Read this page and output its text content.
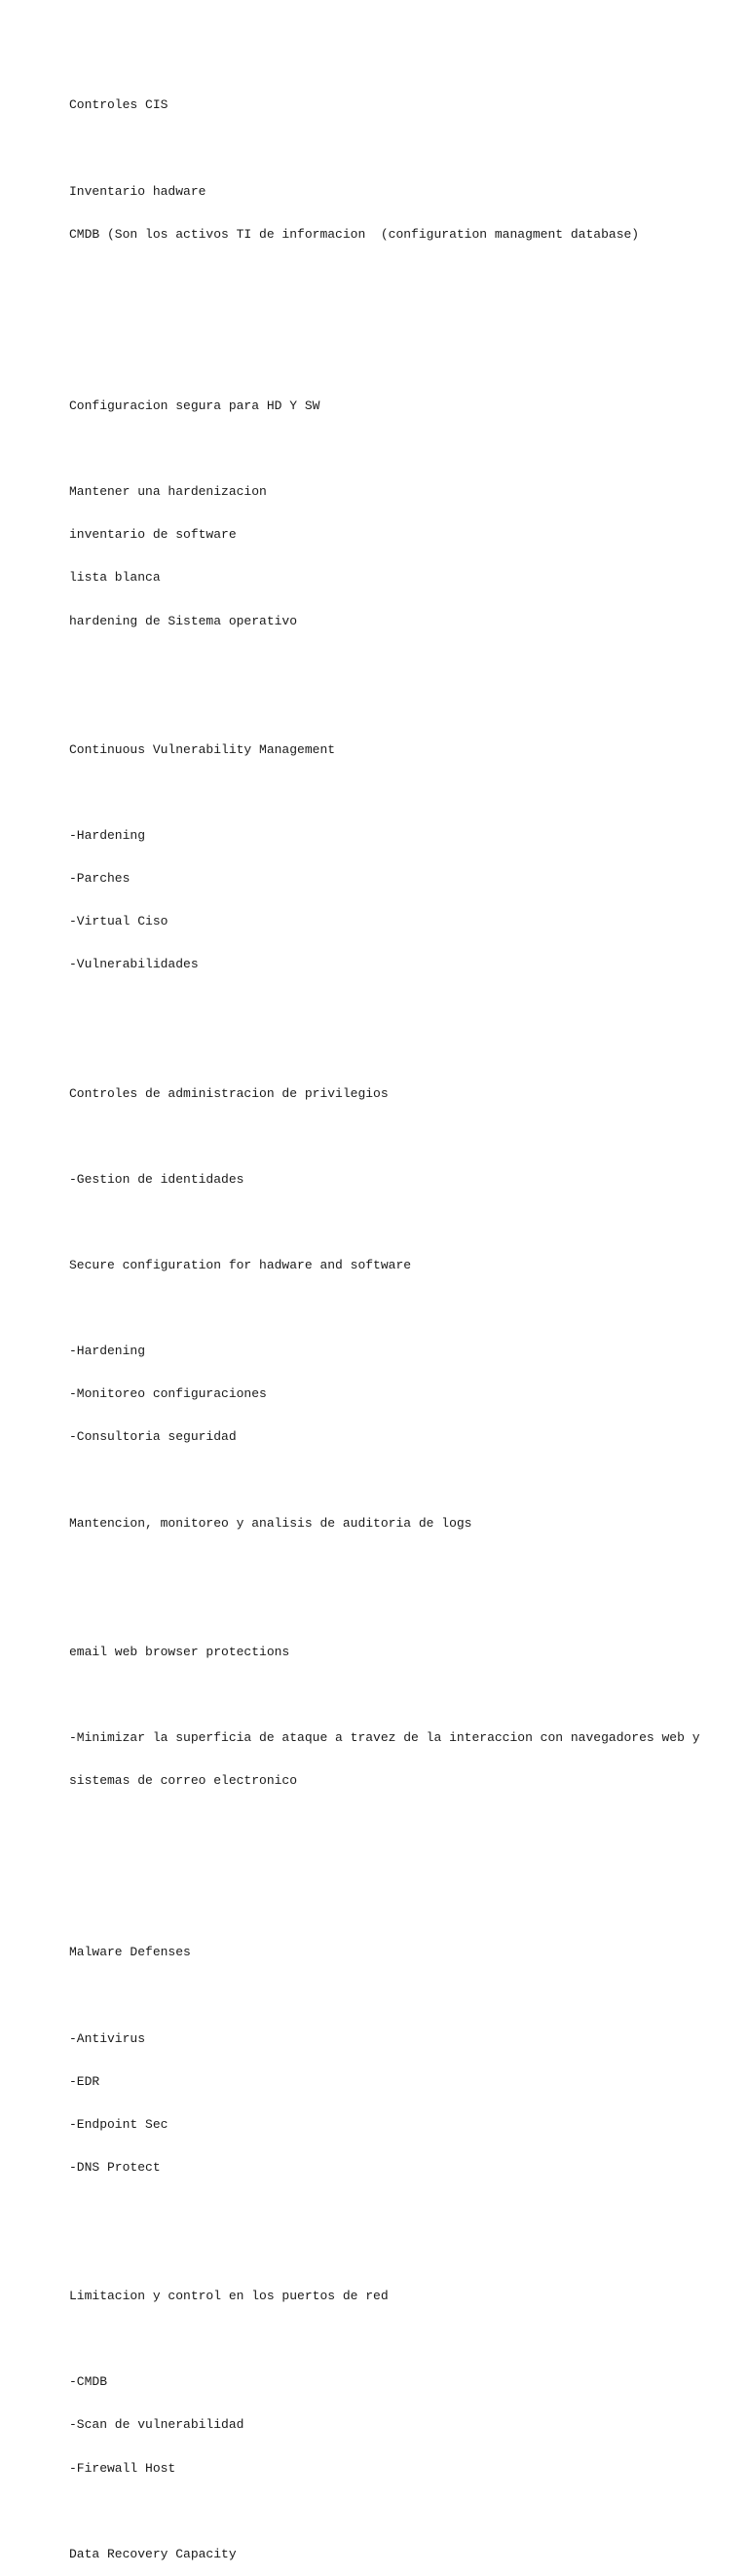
Controles CIS

Inventario hadware

CMDB (Son los activos TI de informacion  (configuration managment database)

Configuracion segura para HD Y SW

Mantener una hardenizacion

inventario de software

lista blanca

hardening de Sistema operativo

Continuous Vulnerability Management

-Hardening

-Parches

-Virtual Ciso

-Vulnerabilidades

Controles de administracion de privilegios

-Gestion de identidades

Secure configuration for hadware and software

-Hardening

-Monitoreo configuraciones

-Consultoria seguridad

Mantencion, monitoreo y analisis de auditoria de logs

email web browser protections

-Minimizar la superficia de ataque a travez de la interaccion con navegadores web y

sistemas de correo electronico

Malware Defenses

-Antivirus

-EDR

-Endpoint Sec

-DNS Protect

Limitacion y control en los puertos de red

-CMDB

-Scan de vulnerabilidad

-Firewall Host

Data Recovery Capacity
